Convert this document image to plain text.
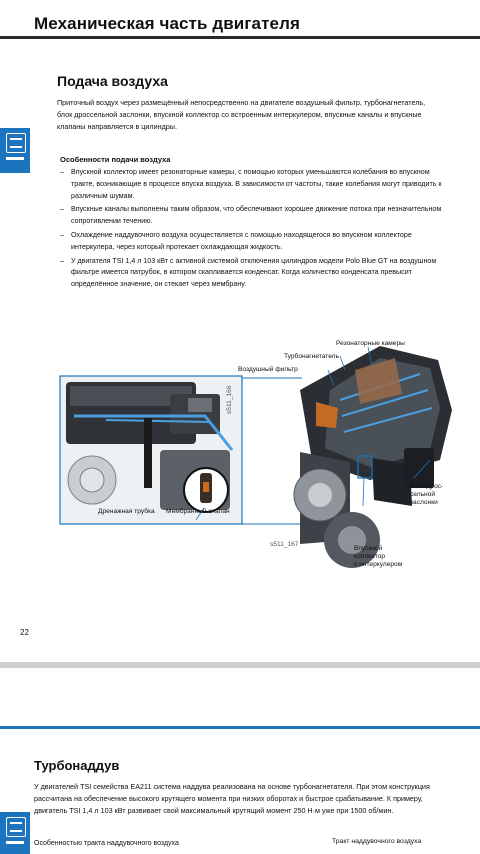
Механическая часть двигателя
Подача воздуха
Приточный воздух через размещённый непосредственно на двигателе воздушный фильтр, турбонагнетатель, блок дроссельной заслонки, впускной коллектор со встроенным интеркулером, впускные каналы и впускные клапаны направляется в цилиндры.
Особенности подачи воздуха
– Впускной коллектор имеет резонаторные камеры, с помощью которых уменьшаются колебания во впускном тракте, возникающие в процессе впуска воздуха. В зависимости от частоты, такие колебания могут приводить к различным шумам.
– Впускные каналы выполнены таким образом, что обеспечивают хорошее движение потока при незначительном сопротивлении течению.
– Охлаждение наддувочного воздуха осуществляется с помощью находящегося во впускном коллекторе интеркулера, через который протекает охлаждающая жидкость.
– У двигателя TSI 1,4 л 103 кВт с активной системой отключения цилиндров модели Polo Blue GT на воздушном фильтре имеется патрубок, в котором скапливается конденсат. Когда количество конденсата превысит определённое значение, он стекает через мембрану.
Резонаторные камеры
Турбонагнетатель
Воздушный фильтр
Блок дрос-
сельной
заслонки
Впускной
коллектор
с интеркулером
Дренажная трубка Мембранный клапан
s511_166
s511_167
22
Турбонаддув
У двигателей TSI семейства EA211 система наддува реализована на основе турбонагнетателя. При этом конструкция рассчитана на обеспечение высокого крутящего момента при низких оборотах и быстрое срабатывание. К примеру, двигатель TSI 1,4 л 103 кВт развивает свой максимальный крутящий момент 250 Н·м уже при 1500 об/мин.
Особенностью тракта наддувочного воздуха	Тракт наддувочного воздуха
